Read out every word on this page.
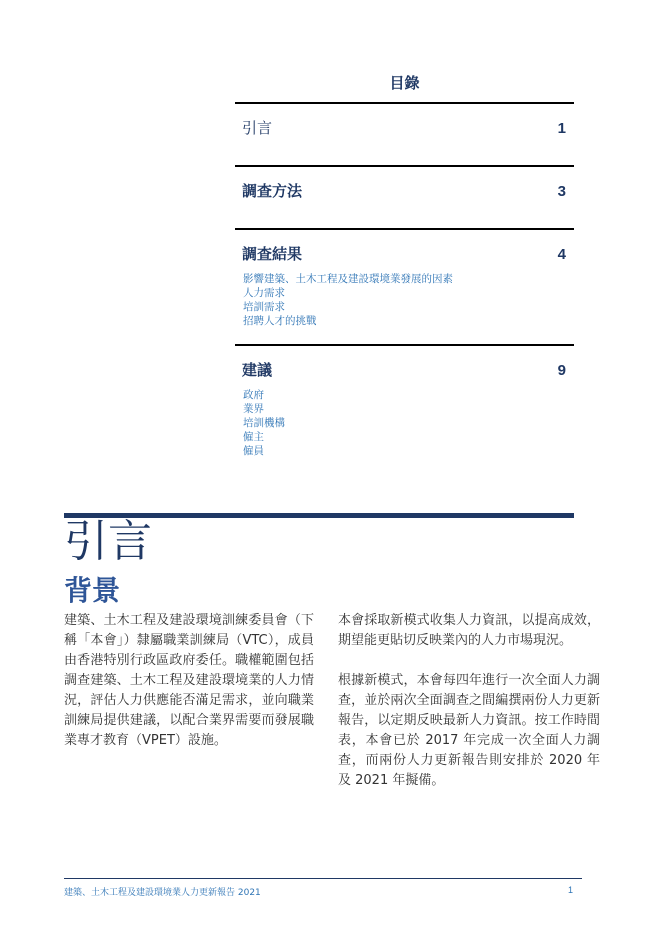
目錄
引言	1
調查方法	3
調查結果	4
影響建築、土木工程及建設環境業發展的因素
人力需求
培訓需求
招聘人才的挑戰
建議	9
政府
業界
培訓機構
僱主
僱員
引言
背景

建築、土木工程及建設環境訓練委員會（下稱「本會」）隸屬職業訓練局（VTC），成員由香港特別行政區政府委任。職權範圍包括調查建築、土木工程及建設環境業的人力情況，評估人力供應能否滿足需求，並向職業訓練局提供建議，以配合業界需要而發展職業專才教育（VPET）設施。

本會採取新模式收集人力資訊，以提高成效，期望能更貼切反映業內的人力市場現況。

根據新模式，本會每四年進行一次全面人力調查，並於兩次全面調查之間編撰兩份人力更新報告，以定期反映最新人力資訊。按工作時間表，本會已於 2017 年完成一次全面人力調查，而兩份人力更新報告則安排於 2020 年及 2021 年擬備。

建築、土木工程及建設環境業人力更新報告 2021	1
